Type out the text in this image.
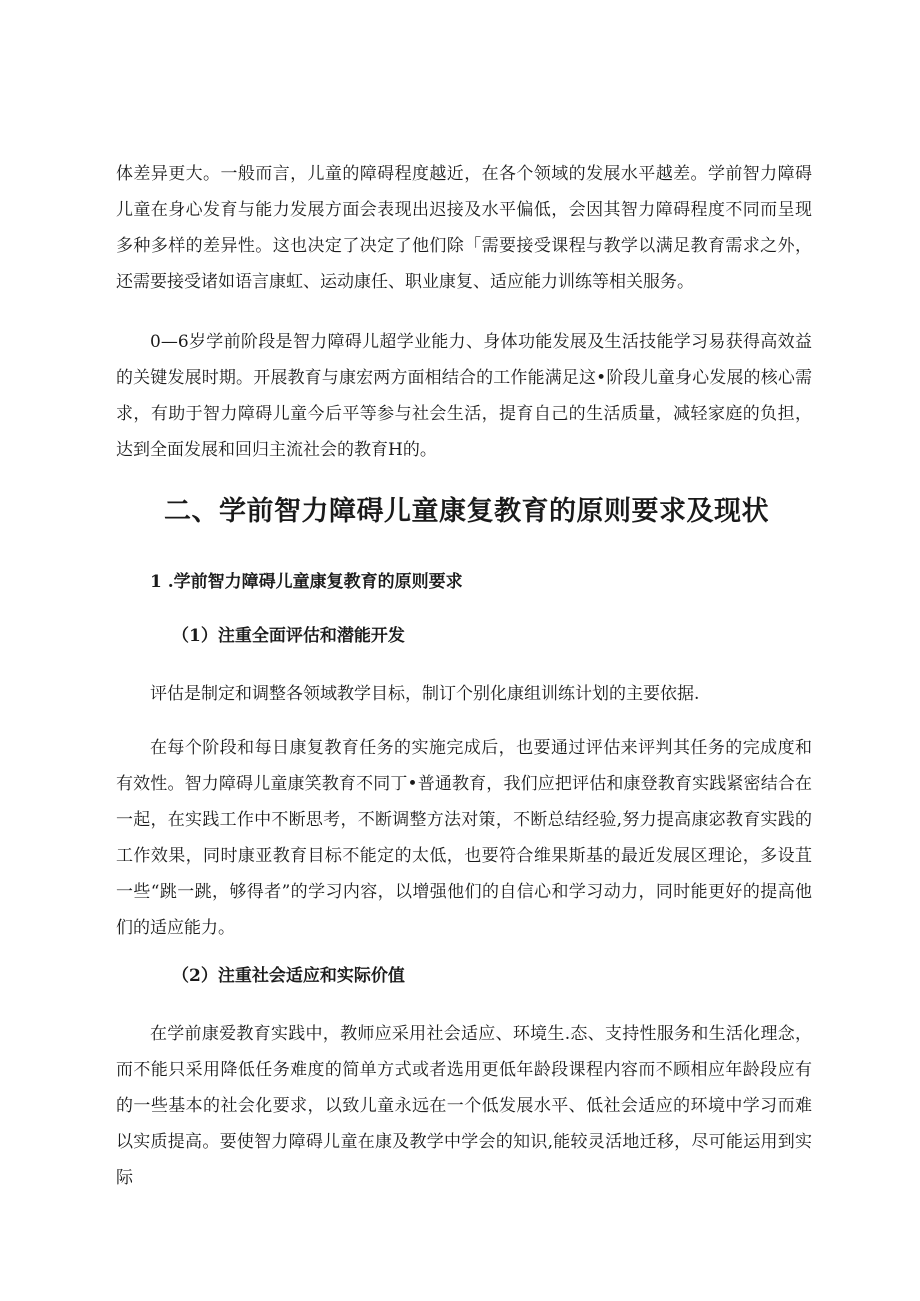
体差异更大。一般而言，儿童的障碍程度越近，在各个领域的发展水平越差。学前智力障碍儿童在身心发育与能力发展方面会表现出迟接及水平偏低，会因其智力障碍程度不同而呈现多种多样的差异性。这也决定了决定了他们除「需要接受课程与教学以满足教育需求之外，还需要接受诸如语言康虹、运动康任、职业康复、适应能力训练等相关服务。

0—6岁学前阶段是智力障碍儿超学业能力、身体功能发展及生活技能学习易获得高效益的关键发展时期。开展教育与康宏两方面相结合的工作能满足这•阶段儿童身心发展的核心需求，有助于智力障碍儿童今后平等参与社会生活，提育自己的生活质量，减轻家庭的负担，达到全面发展和回归主流社会的教育H的。

二、学前智力障碍儿童康复教育的原则要求及现状
1 .学前智力障碍儿童康复教育的原则要求
（1）注重全面评估和潜能开发

评估是制定和调整各领域教学目标，制订个别化康组训练计划的主要依据.

在每个阶段和每日康复教育任务的实施完成后，也要通过评估来评判其任务的完成度和有效性。智力障碍儿童康笑教育不同丁•普通教育，我们应把评估和康登教育实践紧密结合在一起，在实践工作中不断思考，不断调整方法对策，不断总结经验,努力提高康宓教育实践的工作效果，同时康亚教育目标不能定的太低，也要符合维果斯基的最近发展区理论，多设苴一些“跳一跳，够得者”的学习内容，以增强他们的自信心和学习动力，同时能更好的提高他们的适应能力。

（2）注重社会适应和实际价值

在学前康爱教育实践中，教师应采用社会适应、环境生.态、支持性服务和生活化理念，而不能只采用降低任务难度的简单方式或者选用更低年龄段课程内容而不顾相应年龄段应有的一些基本的社会化要求，以致儿童永远在一个低发展水平、低社会适应的环境中学习而难以实质提高。要使智力障碍儿童在康及教学中学会的知识,能较灵活地迁移，尽可能运用到实际
